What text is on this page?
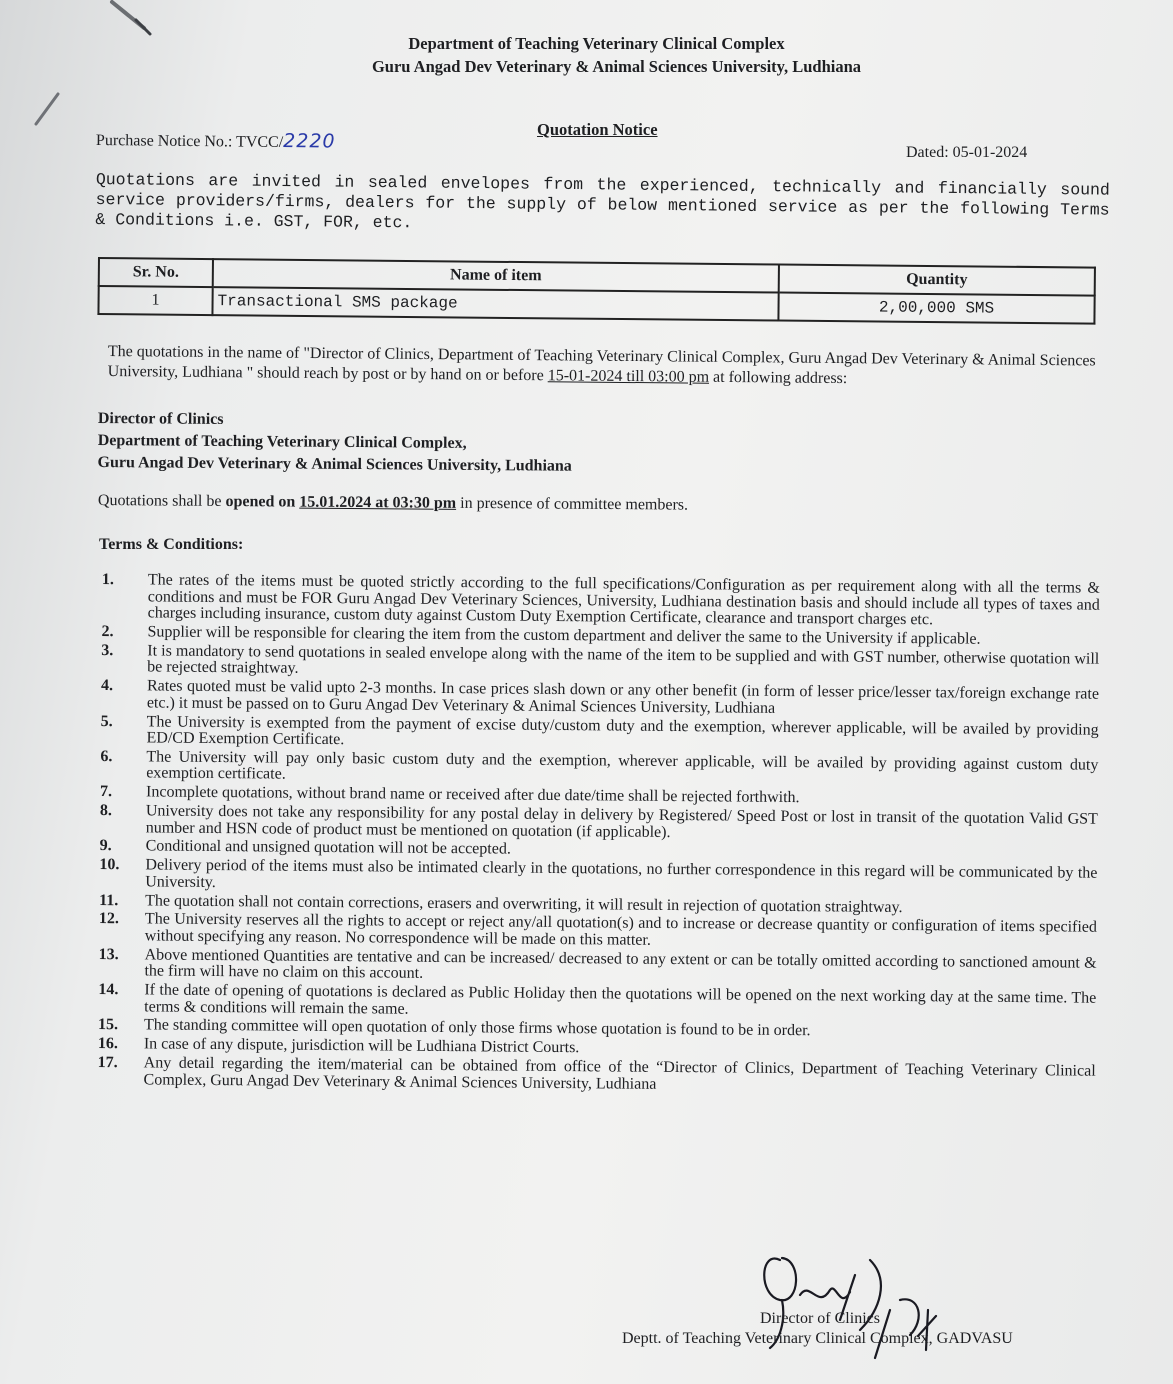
Department of Teaching Veterinary Clinical Complex
Guru Angad Dev Veterinary & Animal Sciences University, Ludhiana
Quotation Notice
Purchase Notice No.: TVCC/2220	Dated: 05-01-2024
Quotations are invited in sealed envelopes from the experienced, technically and financially sound service providers/firms, dealers for the supply of below mentioned service as per the following Terms & Conditions i.e. GST, FOR, etc.
Sr. No.	Name of item	Quantity
1	Transactional SMS package	2,00,000 SMS
The quotations in the name of "Director of Clinics, Department of Teaching Veterinary Clinical Complex, Guru Angad Dev Veterinary & Animal Sciences University, Ludhiana " should reach by post or by hand on or before 15-01-2024 till 03:00 pm at following address:
Director of Clinics
Department of Teaching Veterinary Clinical Complex,
Guru Angad Dev Veterinary & Animal Sciences University, Ludhiana
Quotations shall be opened on 15.01.2024 at 03:30 pm in presence of committee members.
Terms & Conditions:
1.	The rates of the items must be quoted strictly according to the full specifications/Configuration as per requirement along with all the terms & conditions and must be FOR Guru Angad Dev Veterinary Sciences, University, Ludhiana destination basis and should include all types of taxes and charges including insurance, custom duty against Custom Duty Exemption Certificate, clearance and transport charges etc.
2.	Supplier will be responsible for clearing the item from the custom department and deliver the same to the University if applicable.
3.	It is mandatory to send quotations in sealed envelope along with the name of the item to be supplied and with GST number, otherwise quotation will be rejected straightway.
4.	Rates quoted must be valid upto 2-3 months. In case prices slash down or any other benefit (in form of lesser price/lesser tax/foreign exchange rate etc.) it must be passed on to Guru Angad Dev Veterinary & Animal Sciences University, Ludhiana
5.	The University is exempted from the payment of excise duty/custom duty and the exemption, wherever applicable, will be availed by providing ED/CD Exemption Certificate.
6.	The University will pay only basic custom duty and the exemption, wherever applicable, will be availed by providing against custom duty exemption certificate.
7.	Incomplete quotations, without brand name or received after due date/time shall be rejected forthwith.
8.	University does not take any responsibility for any postal delay in delivery by Registered/ Speed Post or lost in transit of the quotation Valid GST number and HSN code of product must be mentioned on quotation (if applicable).
9.	Conditional and unsigned quotation will not be accepted.
10.	Delivery period of the items must also be intimated clearly in the quotations, no further correspondence in this regard will be communicated by the University.
11.	The quotation shall not contain corrections, erasers and overwriting, it will result in rejection of quotation straightway.
12.	The University reserves all the rights to accept or reject any/all quotation(s) and to increase or decrease quantity or configuration of items specified without specifying any reason. No correspondence will be made on this matter.
13.	Above mentioned Quantities are tentative and can be increased/ decreased to any extent or can be totally omitted according to sanctioned amount & the firm will have no claim on this account.
14.	If the date of opening of quotations is declared as Public Holiday then the quotations will be opened on the next working day at the same time. The terms & conditions will remain the same.
15.	The standing committee will open quotation of only those firms whose quotation is found to be in order.
16.	In case of any dispute, jurisdiction will be Ludhiana District Courts.
17.	Any detail regarding the item/material can be obtained from office of the “Director of Clinics, Department of Teaching Veterinary Clinical Complex, Guru Angad Dev Veterinary & Animal Sciences University, Ludhiana
Director of Clinics
Deptt. of Teaching Veterinary Clinical Complex, GADVASU
